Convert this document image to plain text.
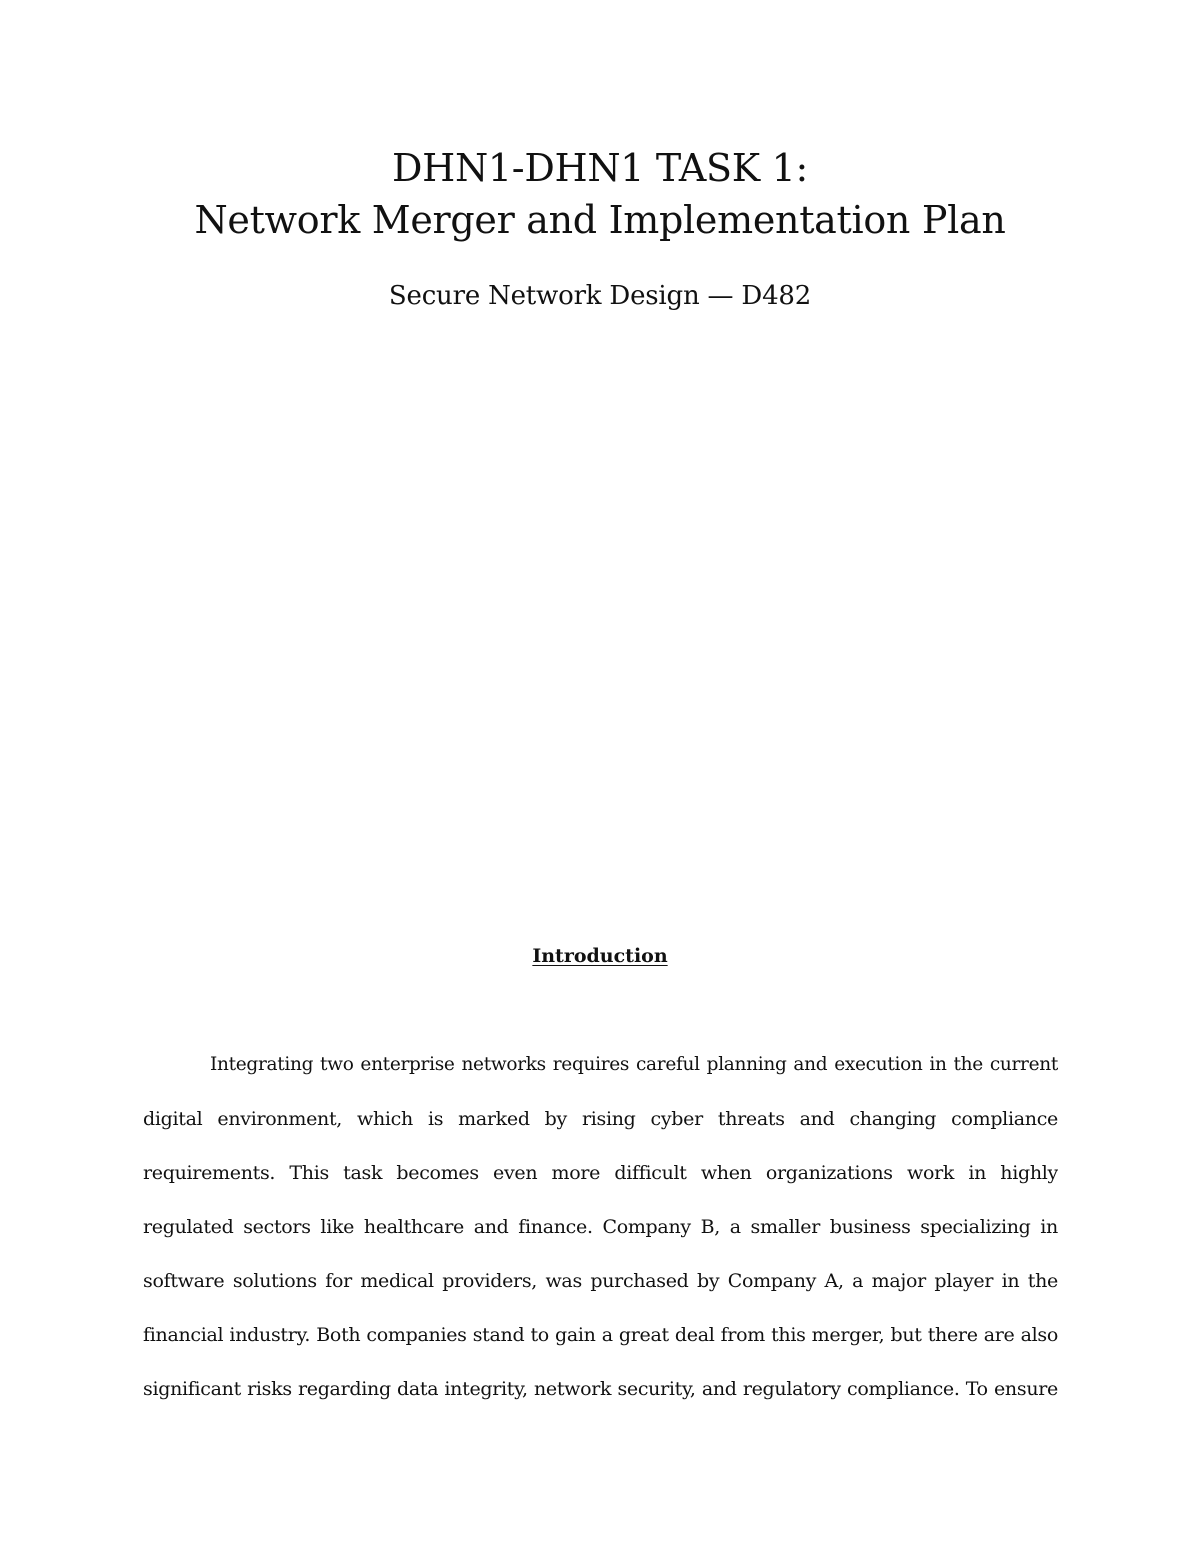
DHN1-DHN1 TASK 1:
Network Merger and Implementation Plan
Secure Network Design — D482
Introduction
Integrating two enterprise networks requires careful planning and execution in the current
digital environment, which is marked by rising cyber threats and changing compliance
requirements. This task becomes even more difficult when organizations work in highly
regulated sectors like healthcare and finance. Company B, a smaller business specializing in
software solutions for medical providers, was purchased by Company A, a major player in the
financial industry. Both companies stand to gain a great deal from this merger, but there are also
significant risks regarding data integrity, network security, and regulatory compliance. To ensure
